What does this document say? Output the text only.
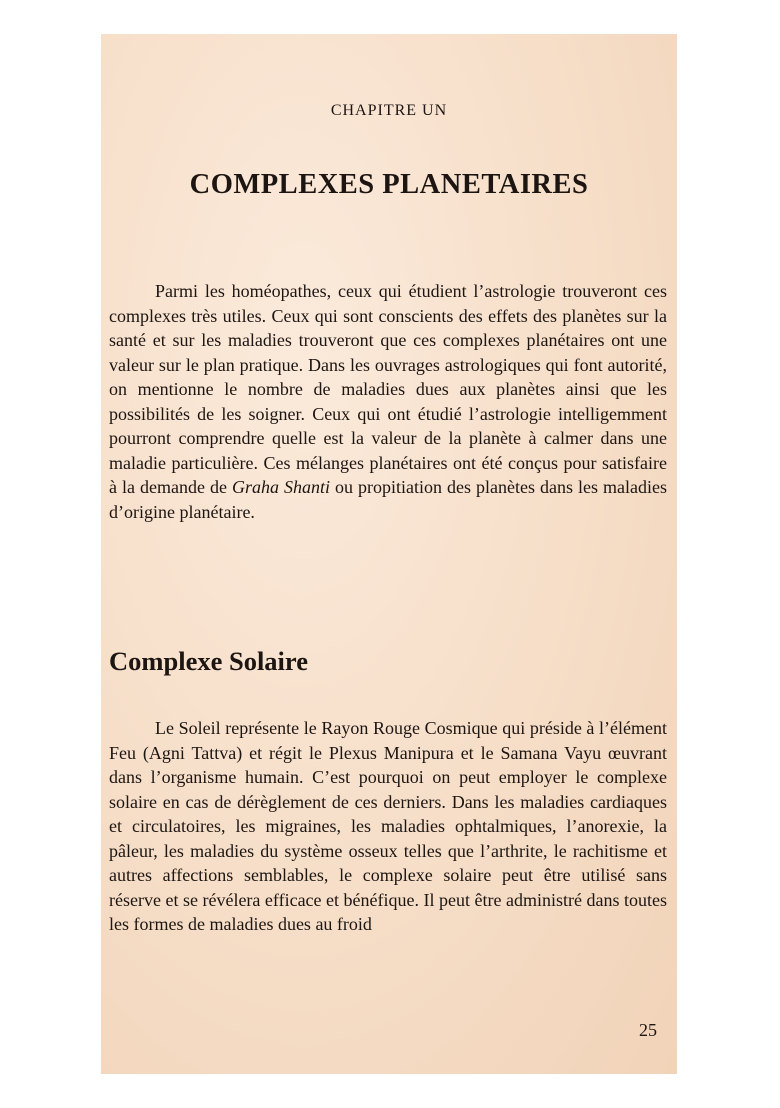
CHAPITRE UN
COMPLEXES PLANETAIRES

Parmi les homéopathes, ceux qui étudient l’astrologie trouveront ces complexes très utiles. Ceux qui sont conscients des effets des planètes sur la santé et sur les maladies trouveront que ces complexes planétaires ont une valeur sur le plan pratique. Dans les ouvrages astrologiques qui font autorité, on mentionne le nombre de maladies dues aux planètes ainsi que les possibilités de les soigner. Ceux qui ont étudié l’astrologie intelligemment pourront comprendre quelle est la valeur de la planète à calmer dans une maladie particulière. Ces mélanges planétaires ont été conçus pour satisfaire à la demande de Graha Shanti ou propitiation des planètes dans les maladies d’origine planétaire.

Complexe Solaire

Le Soleil représente le Rayon Rouge Cosmique qui préside à l’élément Feu (Agni Tattva) et régit le Plexus Manipura et le Samana Vayu œuvrant dans l’organisme humain. C’est pourquoi on peut employer le complexe solaire en cas de dérèglement de ces derniers. Dans les maladies cardiaques et circulatoires, les migraines, les maladies ophtalmiques, l’anorexie, la pâleur, les maladies du système osseux telles que l’arthrite, le rachitisme et autres affections semblables, le complexe solaire peut être utilisé sans réserve et se révélera efficace et bénéfique. Il peut être administré dans toutes les formes de maladies dues au froid

25
